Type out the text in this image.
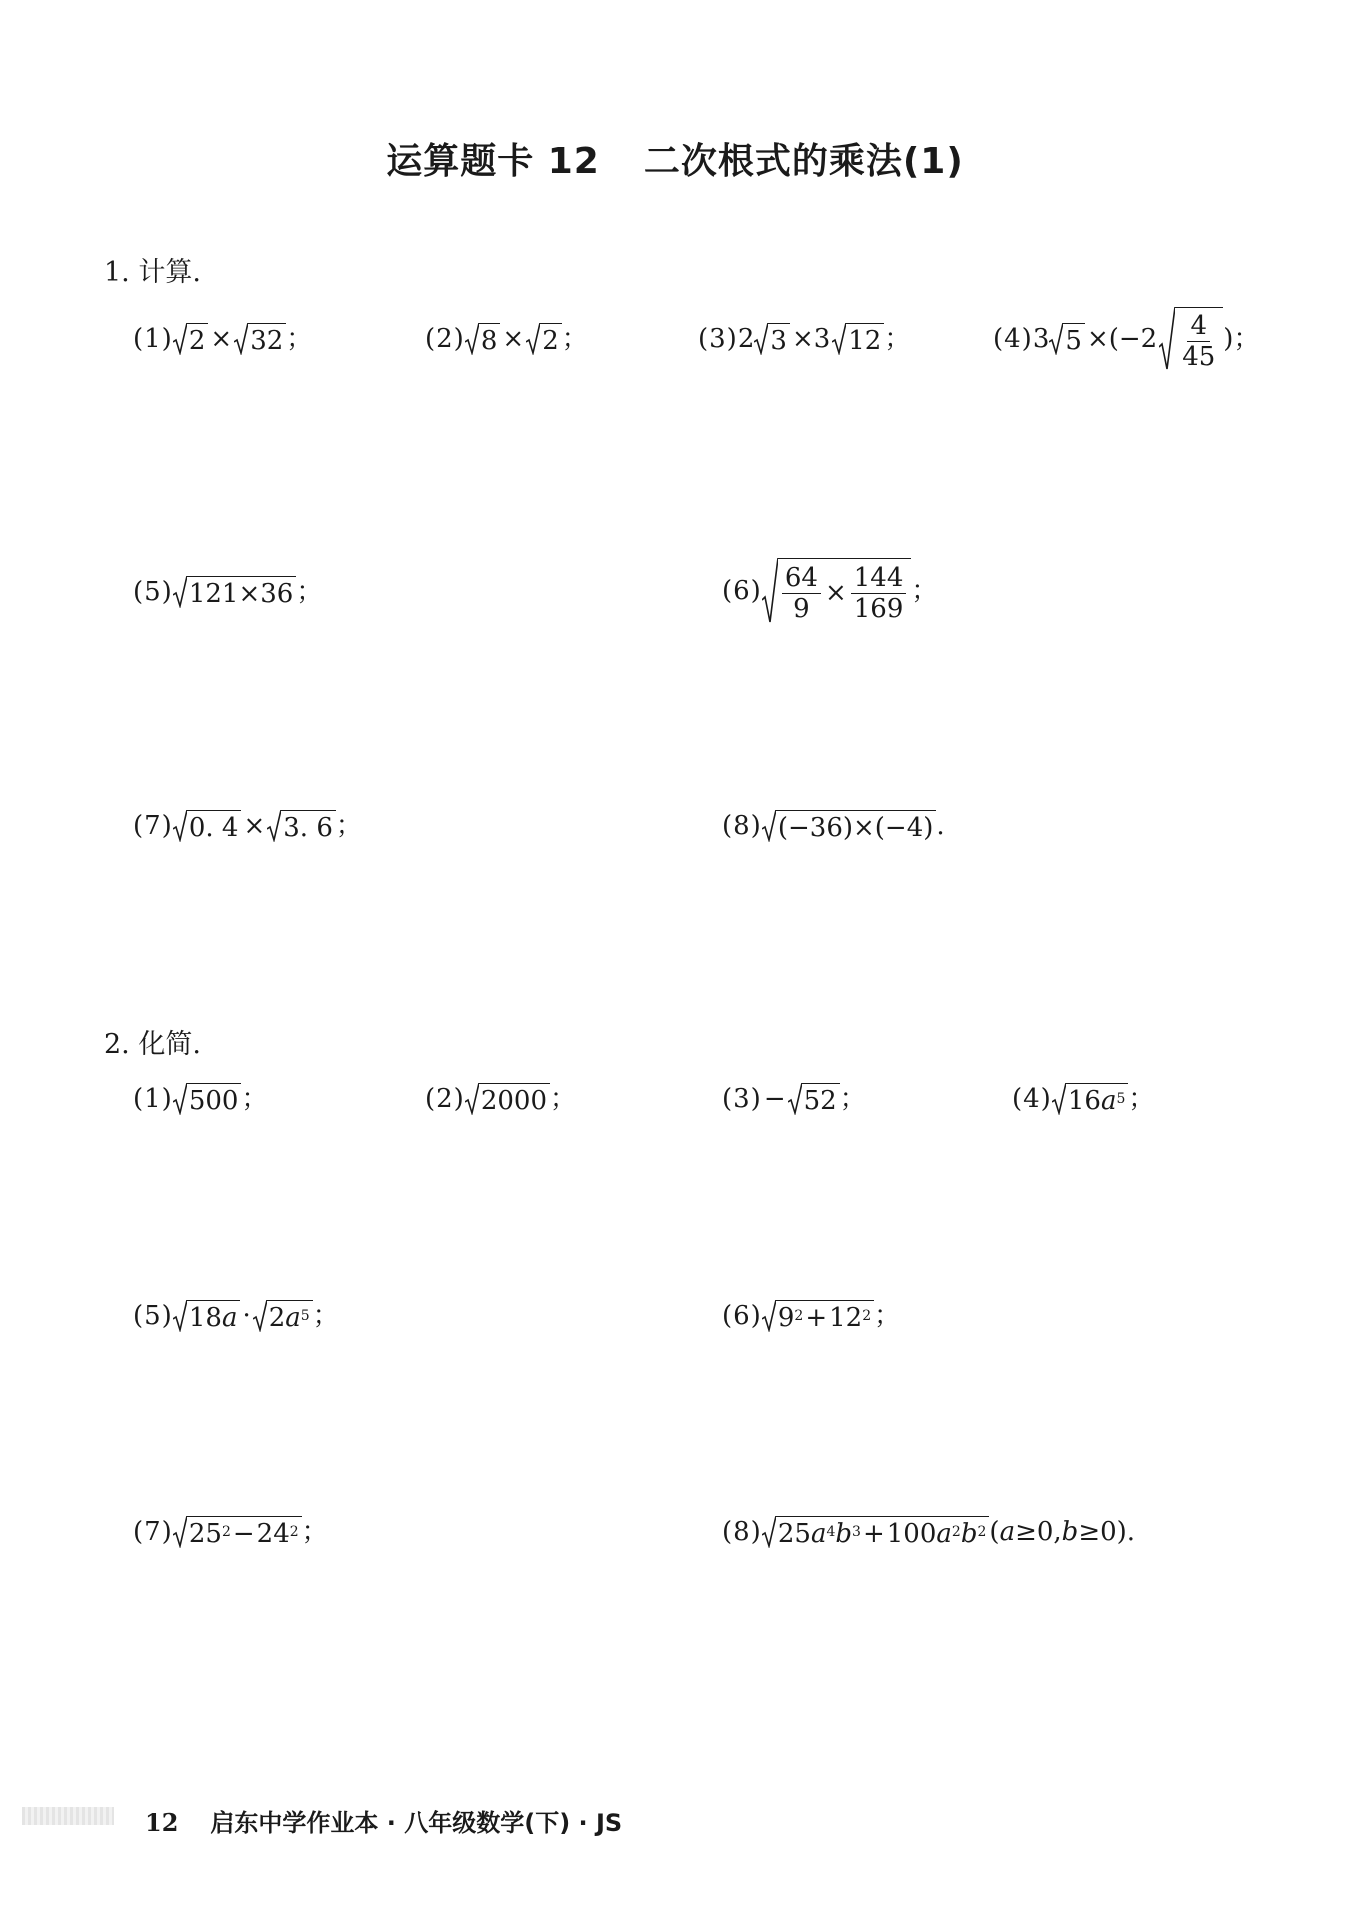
运算题卡 12 二次根式的乘法(1)
1. 计算.
(1) 2 × 32 ；	(2) 8 × 2 ；	(3) 2 3 ×3 12 ；	(4) 3 $5 \times(-2 \frac{4}{45}$ )；
(5) 121×36 ；	$(6) \frac{64}{9} \times \frac{144}{169}$ ；
(7) 0. 4 × 3. 6 ；	(8) (−36)×(−4) .
2. 化简.
(1) 500 ；	(2) 2000 ；	(3) − 52 ；	(4) 16 $a^5$ ；
(5) 18 a · 2 $a^5$ ；	(6) $9^2 + 12^2$ ；
(7) $25^2 - 24^2$ ；	(8) 25 $a^4$ $b^3 + 100$ $a^2$ $b^2$ ( a ≥0, b ≥0 ).
12 启东中学作业本 · 八年级数学(下) · JS
